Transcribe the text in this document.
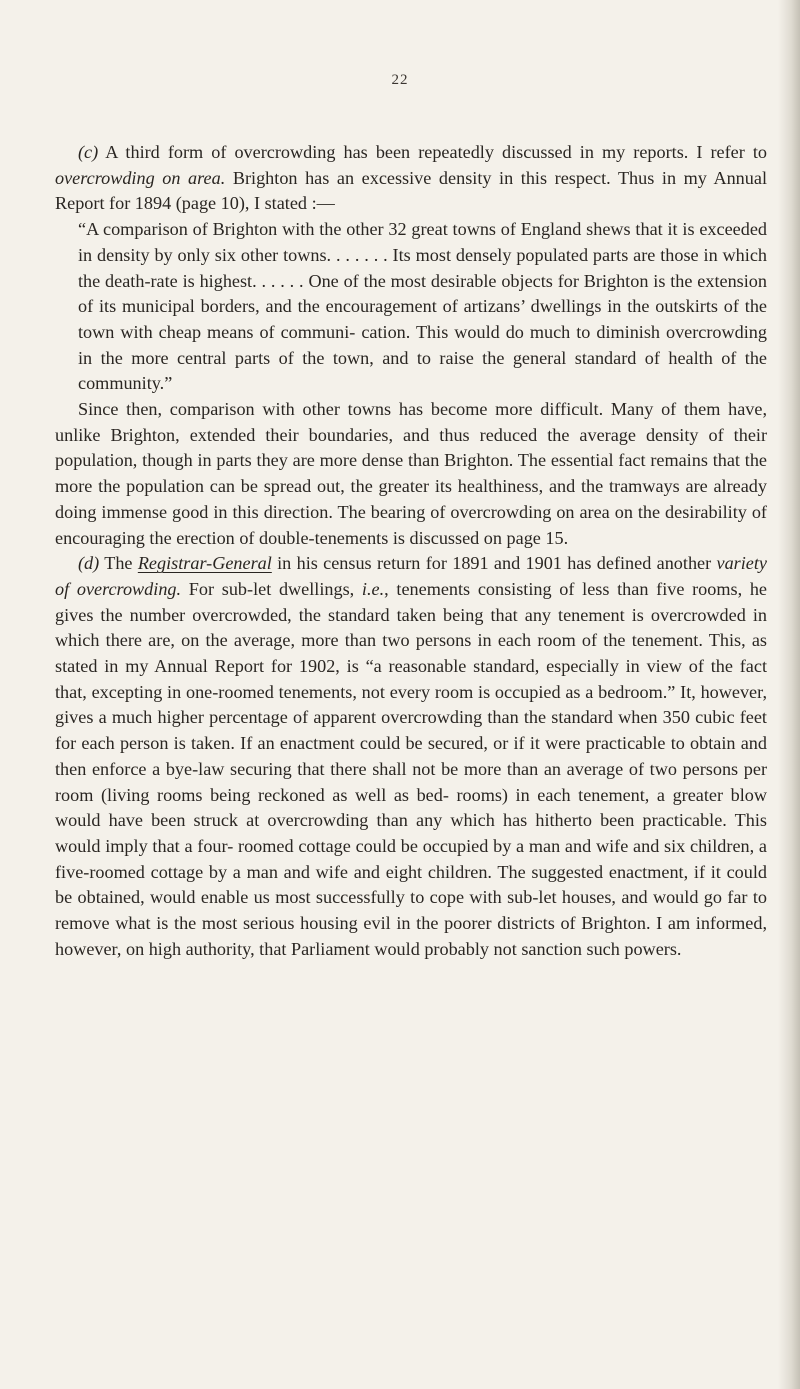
22

(c) A third form of overcrowding has been repeatedly discussed in my reports. I refer to overcrowding on area. Brighton has an excessive density in this respect. Thus in my Annual Report for 1894 (page 10), I stated :—

“A comparison of Brighton with the other 32 great towns of England shews that it is exceeded in density by only six other towns. . . . . . . Its most densely populated parts are those in which the death-rate is highest. . . . . . One of the most desirable objects for Brighton is the extension of its municipal borders, and the encouragement of artizans’ dwellings in the outskirts of the town with cheap means of communi- cation. This would do much to diminish overcrowding in the more central parts of the town, and to raise the general standard of health of the community.”

Since then, comparison with other towns has become more difficult. Many of them have, unlike Brighton, extended their boundaries, and thus reduced the average density of their population, though in parts they are more dense than Brighton. The essential fact remains that the more the population can be spread out, the greater its healthiness, and the tramways are already doing immense good in this direction. The bearing of overcrowding on area on the desirability of encouraging the erection of double-tenements is discussed on page 15.

(d) The Registrar-General in his census return for 1891 and 1901 has defined another variety of overcrowding. For sub-let dwellings, i.e., tenements consisting of less than five rooms, he gives the number overcrowded, the standard taken being that any tenement is overcrowded in which there are, on the average, more than two persons in each room of the tenement. This, as stated in my Annual Report for 1902, is “a reasonable standard, especially in view of the fact that, excepting in one-roomed tenements, not every room is occupied as a bedroom.” It, however, gives a much higher percentage of apparent overcrowding than the standard when 350 cubic feet for each person is taken. If an enactment could be secured, or if it were practicable to obtain and then enforce a bye-law securing that there shall not be more than an average of two persons per room (living rooms being reckoned as well as bed- rooms) in each tenement, a greater blow would have been struck at overcrowding than any which has hitherto been practicable. This would imply that a four- roomed cottage could be occupied by a man and wife and six children, a five-roomed cottage by a man and wife and eight children. The suggested enactment, if it could be obtained, would enable us most successfully to cope with sub-let houses, and would go far to remove what is the most serious housing evil in the poorer districts of Brighton. I am informed, however, on high authority, that Parliament would probably not sanction such powers.
